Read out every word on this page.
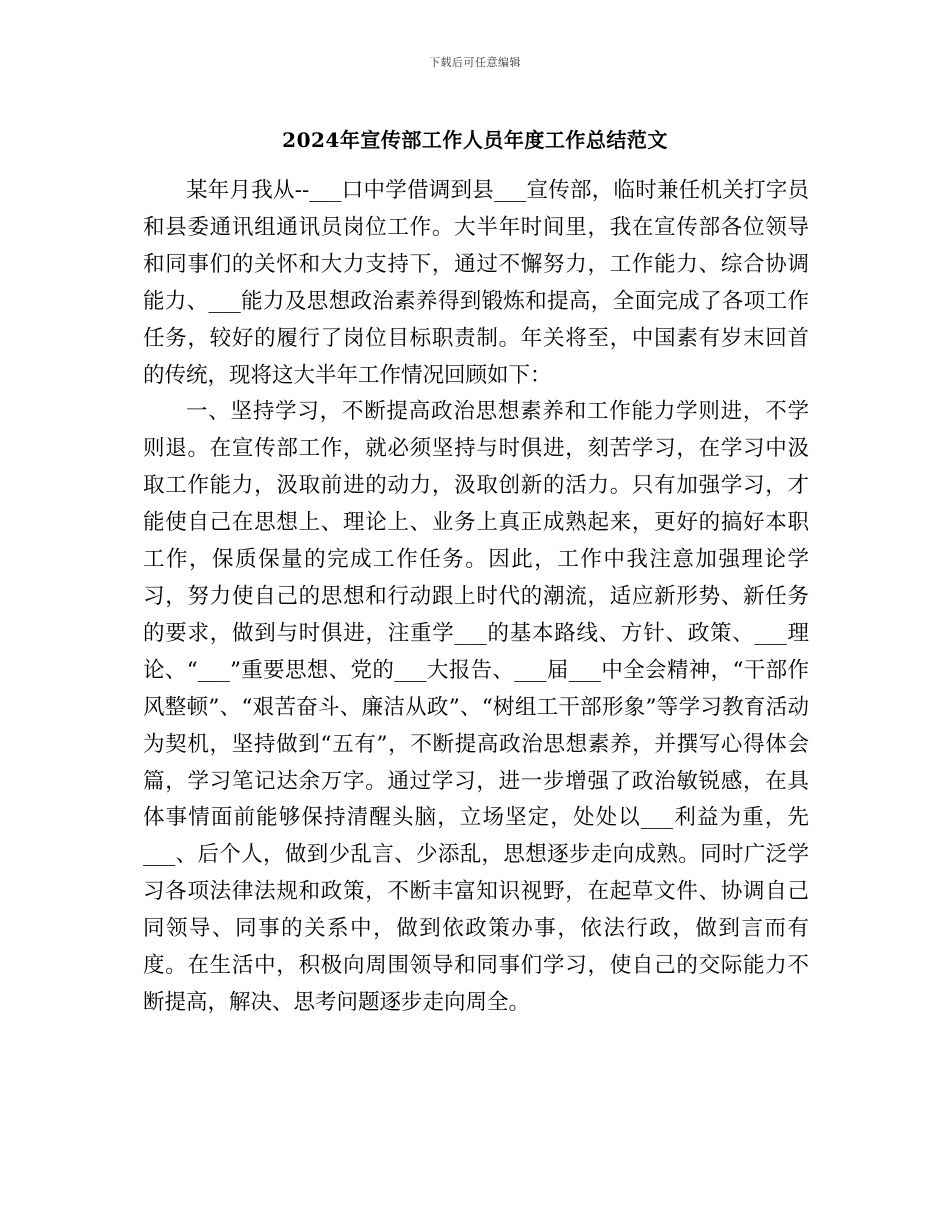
下载后可任意编辑
2024年宣传部工作人员年度工作总结范文

某年月我从--___口中学借调到县___宣传部，临时兼任机关打字员和县委通讯组通讯员岗位工作。大半年时间里，我在宣传部各位领导和同事们的关怀和大力支持下，通过不懈努力，工作能力、综合协调能力、___能力及思想政治素养得到锻炼和提高，全面完成了各项工作任务，较好的履行了岗位目标职责制。年关将至，中国素有岁末回首的传统，现将这大半年工作情况回顾如下：

一、坚持学习，不断提高政治思想素养和工作能力学则进，不学则退。在宣传部工作，就必须坚持与时俱进，刻苦学习，在学习中汲取工作能力，汲取前进的动力，汲取创新的活力。只有加强学习，才能使自己在思想上、理论上、业务上真正成熟起来，更好的搞好本职工作，保质保量的完成工作任务。因此，工作中我注意加强理论学习，努力使自己的思想和行动跟上时代的潮流，适应新形势、新任务的要求，做到与时俱进，注重学___的基本路线、方针、政策、___理论、“___”重要思想、党的___大报告、___届___中全会精神，“干部作风整顿”、“艰苦奋斗、廉洁从政”、“树组工干部形象”等学习教育活动为契机，坚持做到“五有”，不断提高政治思想素养，并撰写心得体会篇，学习笔记达余万字。通过学习，进一步增强了政治敏锐感，在具体事情面前能够保持清醒头脑，立场坚定，处处以___利益为重，先___、后个人，做到少乱言、少添乱，思想逐步走向成熟。同时广泛学习各项法律法规和政策，不断丰富知识视野，在起草文件、协调自己同领导、同事的关系中，做到依政策办事，依法行政，做到言而有度。在生活中，积极向周围领导和同事们学习，使自己的交际能力不断提高，解决、思考问题逐步走向周全。
